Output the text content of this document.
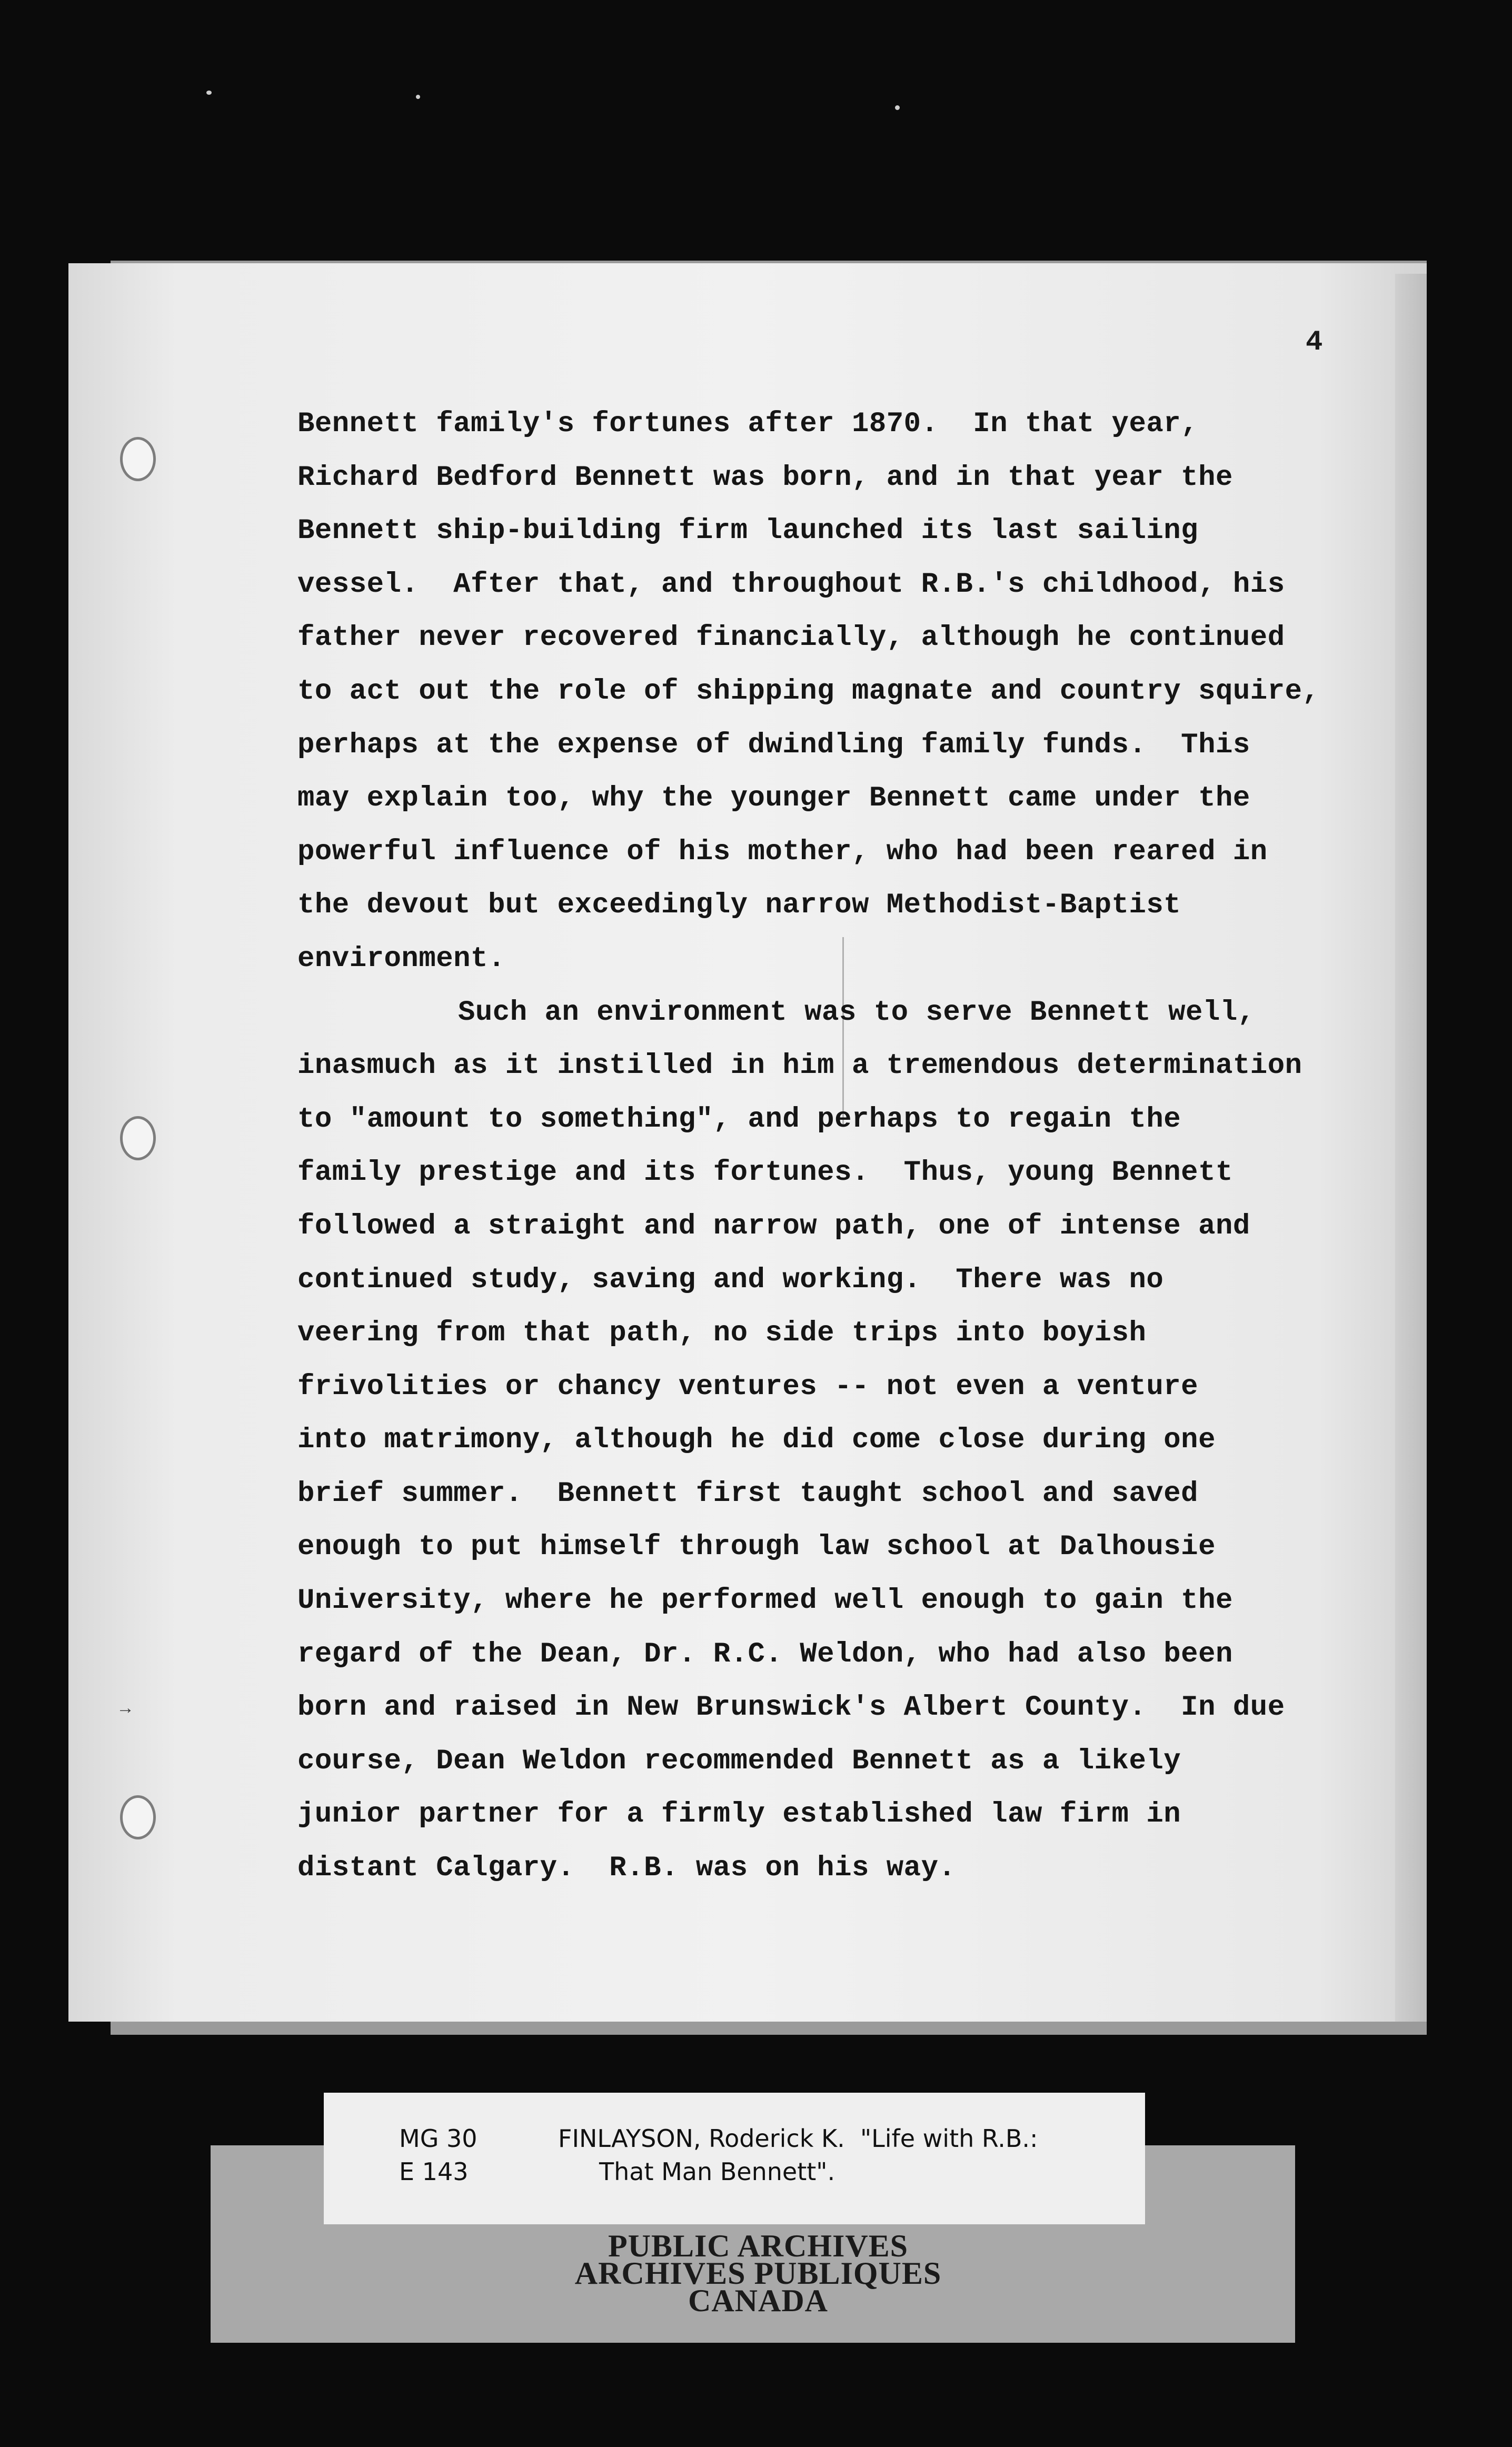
4
→
Bennett family's fortunes after 1870.  In that year,
Richard Bedford Bennett was born, and in that year the
Bennett ship-building firm launched its last sailing
vessel.  After that, and throughout R.B.'s childhood, his
father never recovered financially, although he continued
to act out the role of shipping magnate and country squire,
perhaps at the expense of dwindling family funds.  This
may explain too, why the younger Bennett came under the
powerful influence of his mother, who had been reared in
the devout but exceedingly narrow Methodist-Baptist
environment.
Such an environment was to serve Bennett well,
inasmuch as it instilled in him a tremendous determination
to "amount to something", and perhaps to regain the
family prestige and its fortunes.  Thus, young Bennett
followed a straight and narrow path, one of intense and
continued study, saving and working.  There was no
veering from that path, no side trips into boyish
frivolities or chancy ventures -- not even a venture
into matrimony, although he did come close during one
brief summer.  Bennett first taught school and saved
enough to put himself through law school at Dalhousie
University, where he performed well enough to gain the
regard of the Dean, Dr. R.C. Weldon, who had also been
born and raised in New Brunswick's Albert County.  In due
course, Dean Weldon recommended Bennett as a likely
junior partner for a firmly established law firm in
distant Calgary.  R.B. was on his way.
MG 30
E 143
FINLAYSON, Roderick K.  "Life with R.B.:
That Man Bennett".
PUBLIC ARCHIVES
ARCHIVES PUBLIQUES
CANADA
